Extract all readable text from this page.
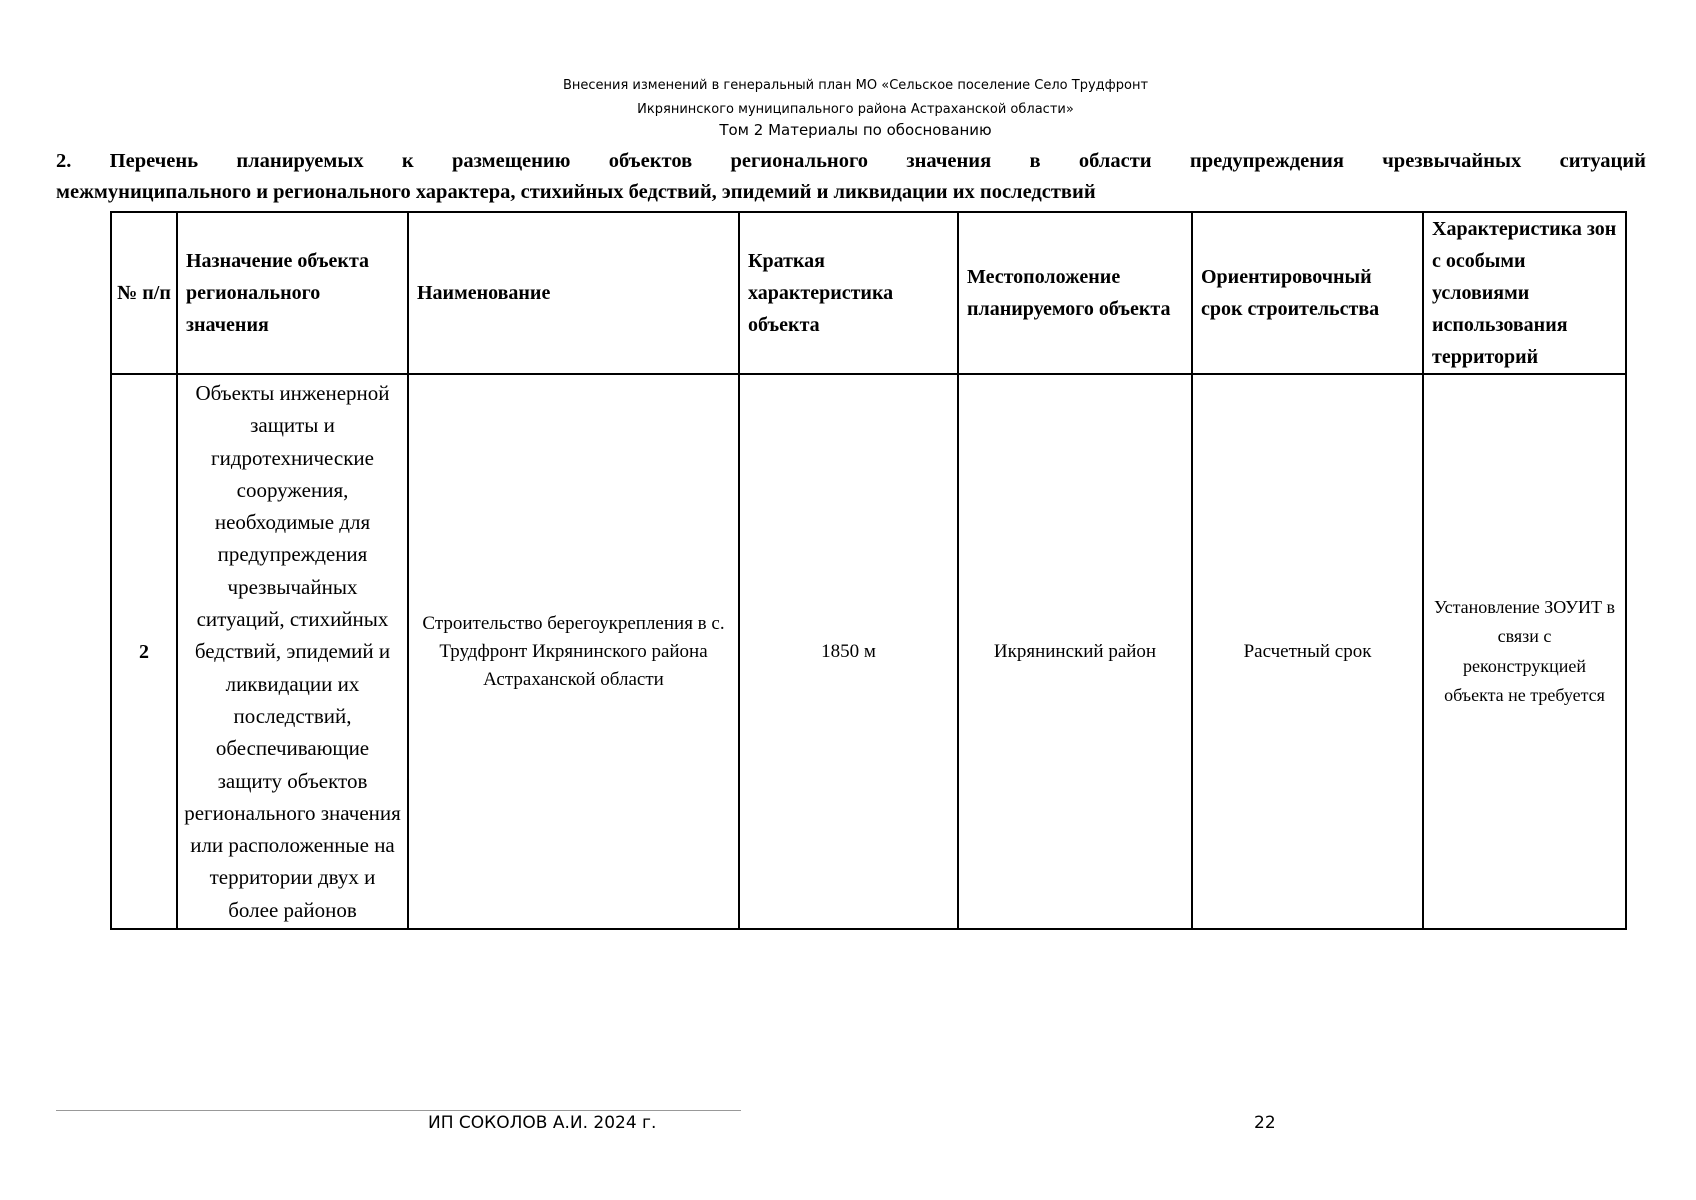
Внесения изменений в генеральный план МО «Сельское поселение Село Трудфронт
Икрянинского муниципального района Астраханской области»
Том 2 Материалы по обоснованию
2. Перечень планируемых к размещению объектов регионального значения в области предупреждения чрезвычайных ситуаций
межмуниципального и регионального характера, стихийных бедствий, эпидемий и ликвидации их последствий
№ п/п	Назначение объекта регионального значения	Наименование	Краткая характеристика объекта	Местоположение планируемого объекта	Ориентировочный срок строительства	Характеристика зон с особыми условиями использования территорий
2	Объекты инженерной защиты и гидротехнические сооружения, необходимые для предупреждения чрезвычайных ситуаций, стихийных бедствий, эпидемий и ликвидации их последствий, обеспечивающие защиту объектов регионального значения или расположенные на территории двух и более районов	Строительство берегоукрепления в с. Трудфронт Икрянинского района Астраханской области	1850 м	Икрянинский район	Расчетный срок	Установление ЗОУИТ в связи с реконструкцией объекта не требуется
ИП СОКОЛОВ А.И. 2024 г.	22
